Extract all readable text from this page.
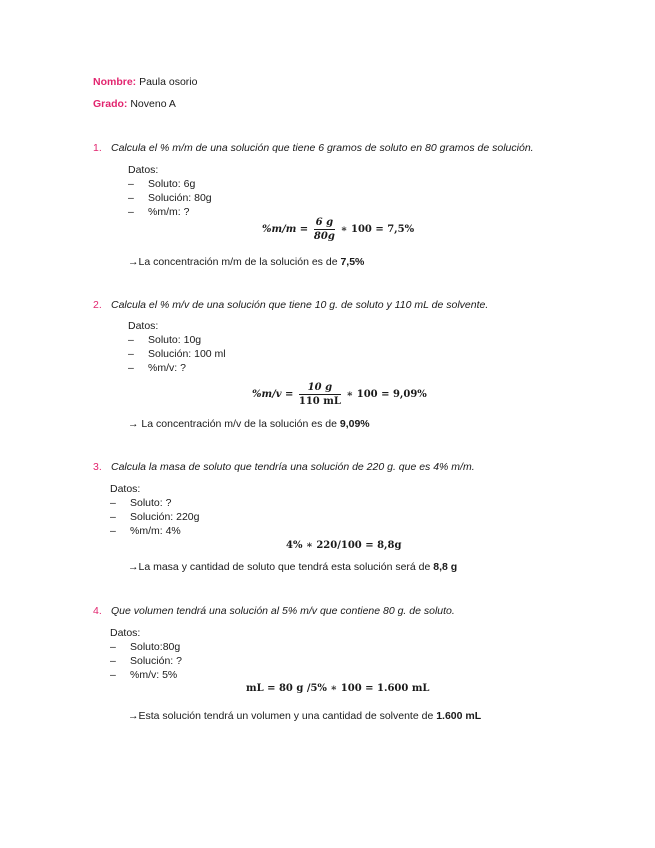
Nombre: Paula osorio
Grado: Noveno A
1. Calcula el % m/m de una solución que tiene 6 gramos de soluto en 80 gramos de solución.
Datos:
– Soluto: 6g
– Solución: 80g
– %m/m: ?
$\%m/m = \frac{6 g}{80g}$ ∗ 100 = 7,5%
→La concentración m/m de la solución es de 7,5%
2. Calcula el % m/v de una solución que tiene 10 g. de soluto y 110 mL de solvente.
Datos:
– Soluto: 10g
– Solución: 100 ml
– %m/v: ?
$\%m/v = \frac{10 g}{110 mL}$ ∗ 100 = 9,09%
→ La concentración m/v de la solución es de 9,09%
3. Calcula la masa de soluto que tendría una solución de 220 g. que es 4% m/m.
Datos:
– Soluto: ?
– Solución: 220g
– %m/m: 4%
4% ∗ 220/100 = 8,8g
→La masa y cantidad de soluto que tendrá esta solución será de 8,8 g
4. Que volumen tendrá una solución al 5% m/v que contiene 80 g. de soluto.
Datos:
– Soluto:80g
– Solución: ?
– %m/v: 5%
mL = 80 g /5% ∗ 100 = 1.600 mL
→Esta solución tendrá un volumen y una cantidad de solvente de 1.600 mL
